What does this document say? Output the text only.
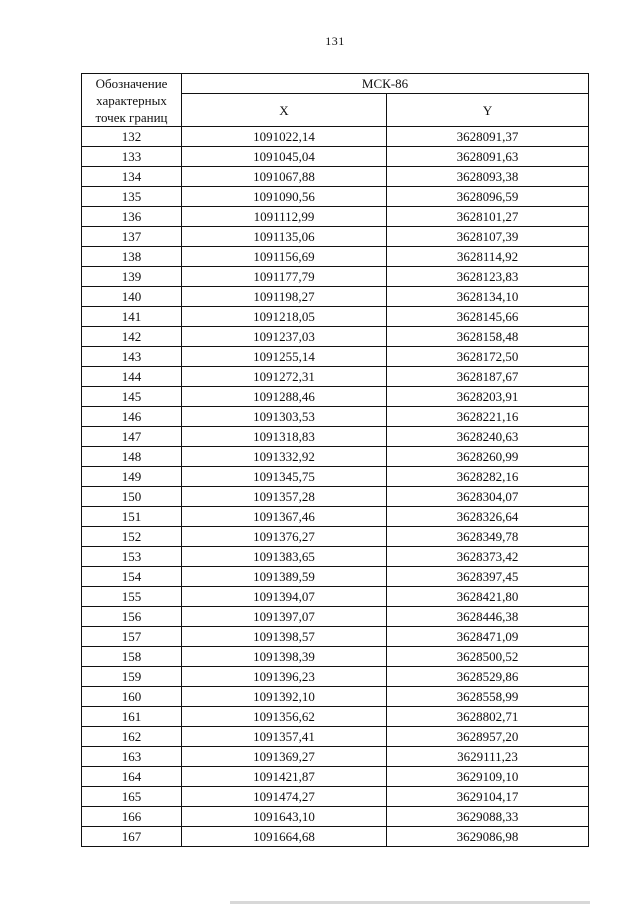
131
Обозначение характерных точек границ	МСК-86	
	X	Y
132	1091022,14	3628091,37
133	1091045,04	3628091,63
134	1091067,88	3628093,38
135	1091090,56	3628096,59
136	1091112,99	3628101,27
137	1091135,06	3628107,39
138	1091156,69	3628114,92
139	1091177,79	3628123,83
140	1091198,27	3628134,10
141	1091218,05	3628145,66
142	1091237,03	3628158,48
143	1091255,14	3628172,50
144	1091272,31	3628187,67
145	1091288,46	3628203,91
146	1091303,53	3628221,16
147	1091318,83	3628240,63
148	1091332,92	3628260,99
149	1091345,75	3628282,16
150	1091357,28	3628304,07
151	1091367,46	3628326,64
152	1091376,27	3628349,78
153	1091383,65	3628373,42
154	1091389,59	3628397,45
155	1091394,07	3628421,80
156	1091397,07	3628446,38
157	1091398,57	3628471,09
158	1091398,39	3628500,52
159	1091396,23	3628529,86
160	1091392,10	3628558,99
161	1091356,62	3628802,71
162	1091357,41	3628957,20
163	1091369,27	3629111,23
164	1091421,87	3629109,10
165	1091474,27	3629104,17
166	1091643,10	3629088,33
167	1091664,68	3629086,98
